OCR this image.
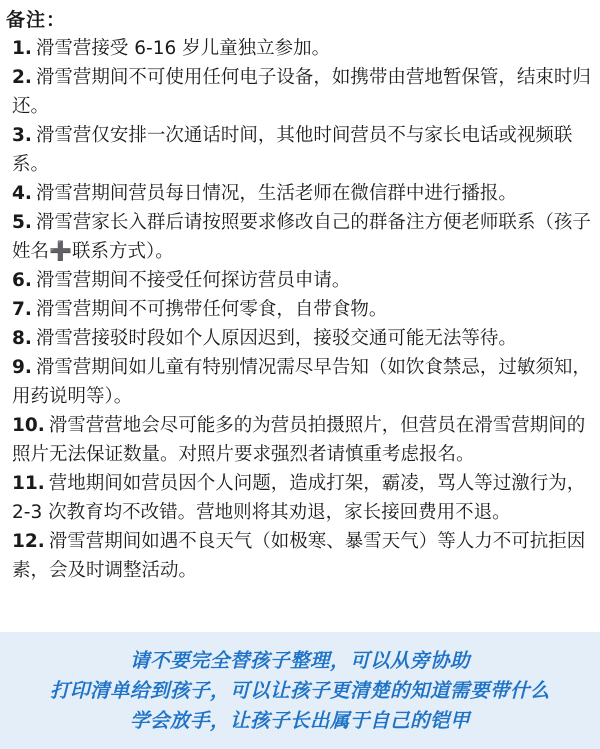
备注：
1. 滑雪营接受 6-16 岁儿童独立参加。
2. 滑雪营期间不可使用任何电子设备，如携带由营地暂保管，结束时归还。
3. 滑雪营仅安排一次通话时间，其他时间营员不与家长电话或视频联系。
4. 滑雪营期间营员每日情况，生活老师在微信群中进行播报。
5. 滑雪营家长入群后请按照要求修改自己的群备注方便老师联系（孩子姓名➕联系方式）。
6. 滑雪营期间不接受任何探访营员申请。
7. 滑雪营期间不可携带任何零食，自带食物。
8. 滑雪营接驳时段如个人原因迟到，接驳交通可能无法等待。
9. 滑雪营期间如儿童有特别情况需尽早告知（如饮食禁忌，过敏须知，用药说明等）。
10. 滑雪营营地会尽可能多的为营员拍摄照片，但营员在滑雪营期间的照片无法保证数量。对照片要求强烈者请慎重考虑报名。
11. 营地期间如营员因个人问题，造成打架，霸凌，骂人等过激行为，2-3 次教育均不改错。营地则将其劝退，家长接回费用不退。
12. 滑雪营期间如遇不良天气（如极寒、暴雪天气）等人力不可抗拒因素，会及时调整活动。
请不要完全替孩子整理，可以从旁协助
打印清单给到孩子，可以让孩子更清楚的知道需要带什么
学会放手，让孩子长出属于自己的铠甲
